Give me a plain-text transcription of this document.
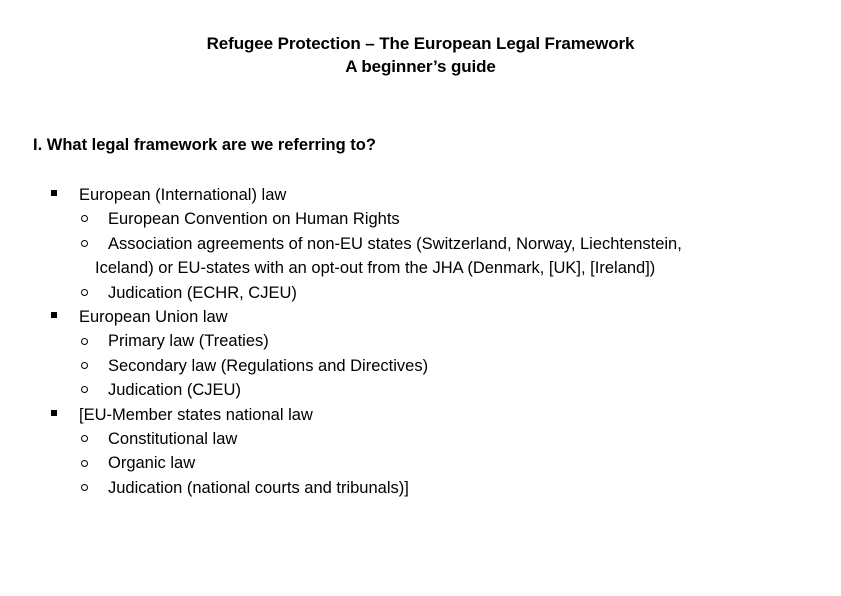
Refugee Protection – The European Legal Framework
A beginner’s guide
I. What legal framework are we referring to?
European (International) law
European Convention on Human Rights
Association agreements of non-EU states (Switzerland, Norway, Liechtenstein,
Iceland) or EU-states with an opt-out from the JHA (Denmark, [UK], [Ireland])
Judication (ECHR, CJEU)
European Union law
Primary law (Treaties)
Secondary law (Regulations and Directives)
Judication (CJEU)
[EU-Member states national law
Constitutional law
Organic law
Judication (national courts and tribunals)]
